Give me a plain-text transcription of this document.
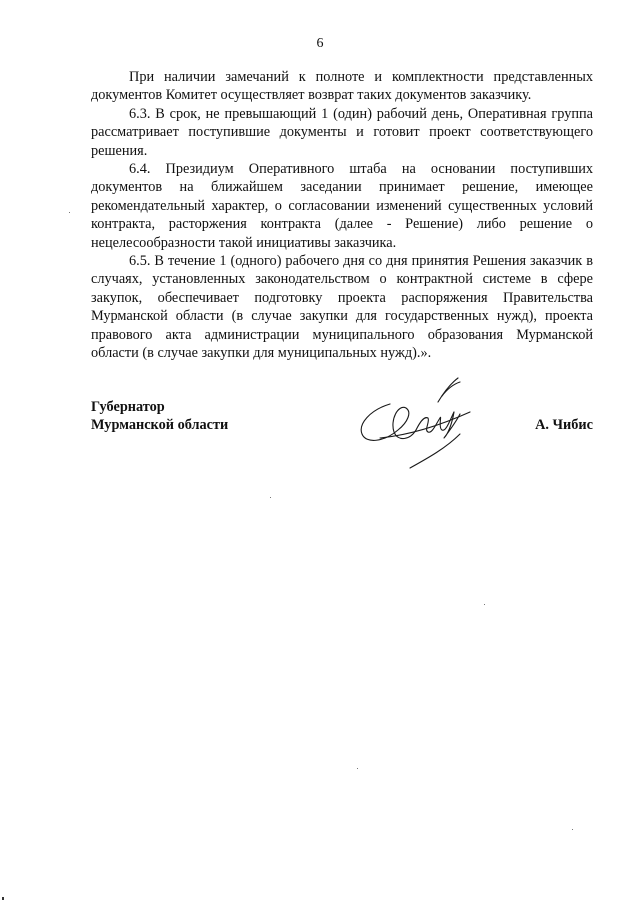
6

При наличии замечаний к полноте и комплектности представленных документов Комитет осуществляет возврат таких документов заказчику.

6.3. В срок, не превышающий 1 (один) рабочий день, Оперативная группа рассматривает поступившие документы и готовит проект соответствующего решения.

6.4. Президиум Оперативного штаба на основании поступивших документов на ближайшем заседании принимает решение, имеющее рекомендательный характер, о согласовании изменений существенных условий контракта, расторжения контракта (далее - Решение) либо решение о нецелесообразности такой инициативы заказчика.

6.5. В течение 1 (одного) рабочего дня со дня принятия Решения заказчик в случаях, установленных законодательством о контрактной системе в сфере закупок, обеспечивает подготовку проекта распоряжения Правительства Мурманской области (в случае закупки для государственных нужд), проекта правового акта администрации муниципального образования Мурманской области (в случае закупки для муниципальных нужд).».

Губернатор
Мурманской области	А. Чибис
